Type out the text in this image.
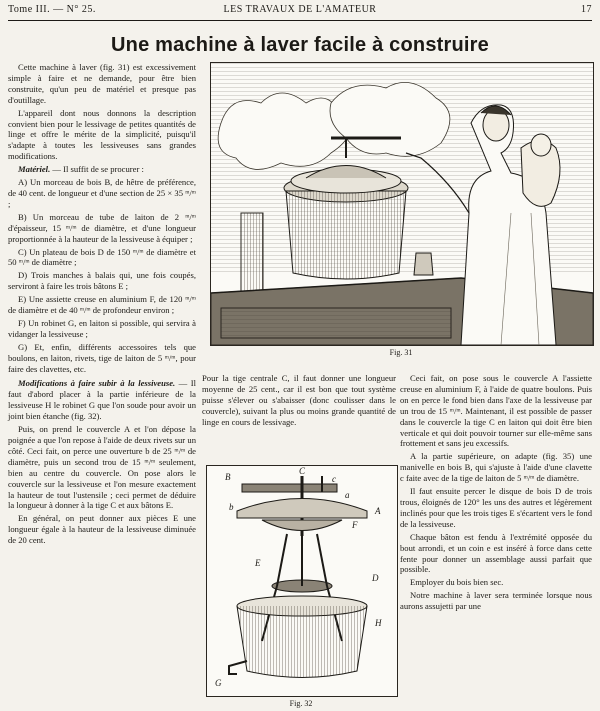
Tome III. — N° 25.	LES TRAVAUX DE L'AMATEUR	17
Une machine à laver facile à construire

Cette machine à laver (fig. 31) est excessivement simple à faire et ne demande, pour être bien construite, qu'un peu de matériel et presque pas d'outillage.

L'appareil dont nous donnons la description convient bien pour le lessivage de petites quantités de linge et offre le mérite de la simplicité, puisqu'il s'adapte à toutes les lessiveuses sans grandes modifications.

Matériel. — Il suffit de se procurer :

A) Un morceau de bois B, de hêtre de préférence, de 40 cent. de longueur et d'une section de 25 × 35 ᵐ/ᵐ ;

B) Un morceau de tube de laiton de 2 ᵐ/ᵐ d'épaisseur, 15 ᵐ/ᵐ de diamètre, et d'une longueur proportionnée à la hauteur de la lessiveuse à équiper ;

C) Un plateau de bois D de 150 ᵐ/ᵐ de diamètre et 50 ᵐ/ᵐ de diamètre ;

D) Trois manches à balais qui, une fois coupés, serviront à faire les trois bâtons E ;

E) Une assiette creuse en aluminium F, de 120 ᵐ/ᵐ de diamètre et de 40 ᵐ/ᵐ de profondeur environ ;

F) Un robinet G, en laiton si possible, qui servira à vidanger la lessiveuse ;

G) Et, enfin, différents accessoires tels que boulons, en laiton, rivets, tige de laiton de 5 ᵐ/ᵐ, pour faire des clavettes, etc.

Modifications à faire subir à la lessiveuse. — Il faut d'abord placer à la partie inférieure de la lessiveuse H le robinet G que l'on soude pour avoir un joint bien étanche (fig. 32).

Puis, on prend le couvercle A et l'on dépose la poignée a que l'on repose à l'aide de deux rivets sur un côté. Ceci fait, on perce une ouverture b de 25 ᵐ/ᵐ de diamètre, puis un second trou de 15 ᵐ/ᵐ seulement, bien au centre du couvercle. On pose alors le couvercle sur la lessiveuse et l'on mesure exactement la hauteur de tout l'ustensile ; ceci permet de déduire la longueur à donner à la tige C et aux bâtons E.

En général, on peut donner aux pièces E une longueur égale à la hauteur de la lessiveuse diminuée de 20 cent.

Fig. 31

Pour la tige centrale C, il faut donner une longueur moyenne de 25 cent., car il est bon que tout système puisse s'élever ou s'abaisser (donc coulisser dans le couvercle), suivant la plus ou moins grande quantité de linge en cours de lessivage.

B
C
c
a
A
b
F
D
E
H
G
Fig. 32

Ceci fait, on pose sous le couvercle A l'assiette creuse en aluminium F, à l'aide de quatre boulons. Puis on en perce le fond bien dans l'axe de la lessiveuse par un trou de 15 ᵐ/ᵐ. Maintenant, il est possible de passer dans le couvercle la tige C en laiton qui doit être bien verticale et qui doit pouvoir tourner sur elle-même sans frottement et sans jeu excessifs.

A la partie supérieure, on adapte (fig. 35) une manivelle en bois B, qui s'ajuste à l'aide d'une clavette c faite avec de la tige de laiton de 5 ᵐ/ᵐ de diamètre.

Il faut ensuite percer le disque de bois D de trois trous, éloignés de 120° les uns des autres et légèrement inclinés pour que les trois tiges E s'écartent vers le fond de la lessiveuse.

Chaque bâton est fendu à l'extrémité opposée du bout arrondi, et un coin e est inséré à force dans cette fente pour donner un assemblage aussi parfait que possible.

Employer du bois bien sec.

Notre machine à laver sera terminée lorsque nous aurons assujetti par une
